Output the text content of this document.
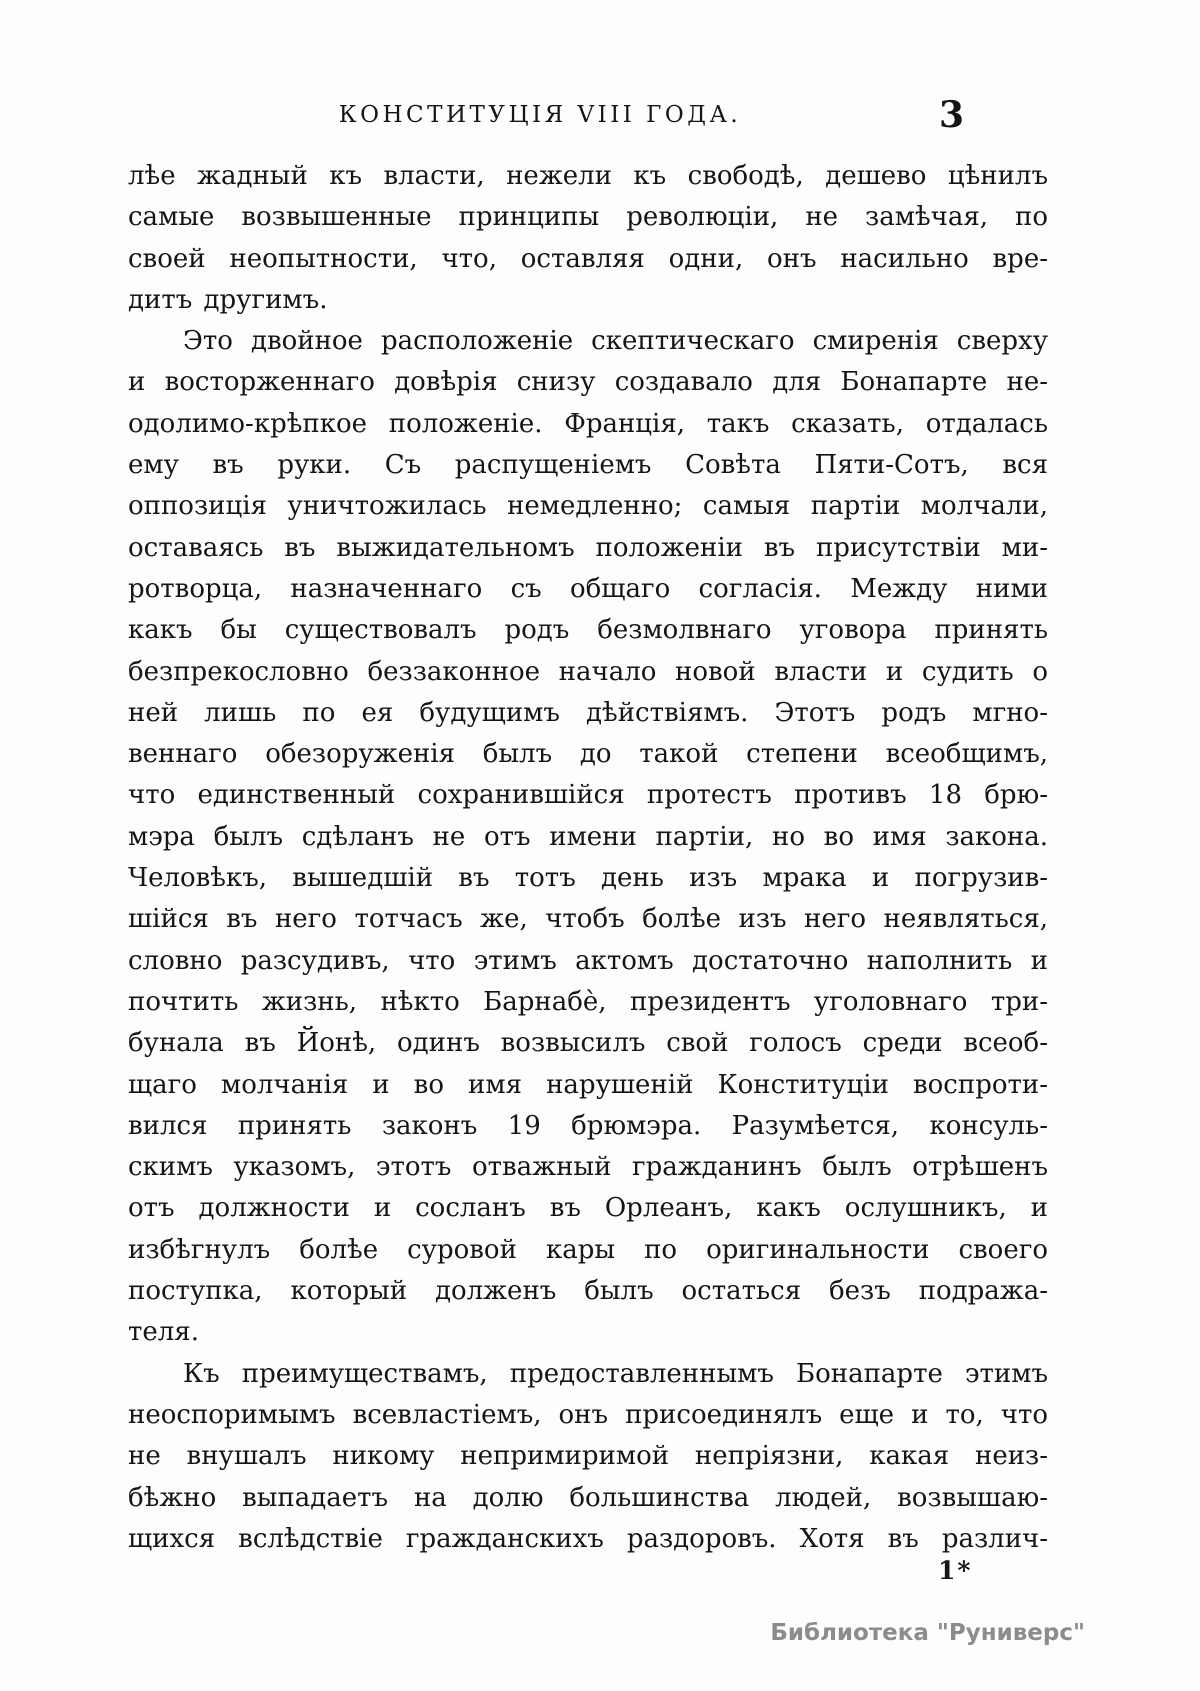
КОНСТИТУЦІЯ VIII ГОДА.	3
лѣе жадный къ власти, нежели къ свободѣ, дешево цѣнилъ
самые возвышенные принципы революціи, не замѣчая, по
своей неопытности, что, оставляя одни, онъ насильно вре-
дитъ другимъ.
Это двойное расположеніе скептическаго смиренія сверху
и восторженнаго довѣрія снизу создавало для Бонапарте не-
одолимо-крѣпкое положеніе. Франція, такъ сказать, отдалась
ему въ руки. Съ распущеніемъ Совѣта Пяти-Сотъ, вся
оппозиція уничтожилась немедленно; самыя партіи молчали,
оставаясь въ выжидательномъ положеніи въ присутствіи ми-
ротворца, назначеннаго съ общаго согласія. Между ними
какъ бы существовалъ родъ безмолвнаго уговора принять
безпрекословно беззаконное начало новой власти и судить о
ней лишь по ея будущимъ дѣйствіямъ. Этотъ родъ мгно-
веннаго обезоруженія былъ до такой степени всеобщимъ,
что единственный сохранившійся протестъ противъ 18 брю-
мэра былъ сдѣланъ не отъ имени партіи, но во имя закона.
Человѣкъ, вышедшій въ тотъ день изъ мрака и погрузив-
шійся въ него тотчасъ же, чтобъ болѣе изъ него неявляться,
словно разсудивъ, что этимъ актомъ достаточно наполнить и
почтить жизнь, нѣкто Барнабѐ, президентъ уголовнаго три-
бунала въ Йонѣ, одинъ возвысилъ свой голосъ среди всеоб-
щаго молчанія и во имя нарушеній Конституціи воспроти-
вился принять законъ 19 брюмэра. Разумѣется, консуль-
скимъ указомъ, этотъ отважный гражданинъ былъ отрѣшенъ
отъ должности и сосланъ въ Орлеанъ, какъ ослушникъ, и
избѣгнулъ болѣе суровой кары по оригинальности своего
поступка, который долженъ былъ остаться безъ подража-
теля.
Къ преимуществамъ, предоставленнымъ Бонапарте этимъ
неоспоримымъ всевластіемъ, онъ присоединялъ еще и то, что
не внушалъ никому непримиримой непріязни, какая неиз-
бѣжно выпадаетъ на долю большинства людей, возвышаю-
щихся вслѣдствіе гражданскихъ раздоровъ. Хотя въ различ-
1*
Библиотека "Руниверс"
